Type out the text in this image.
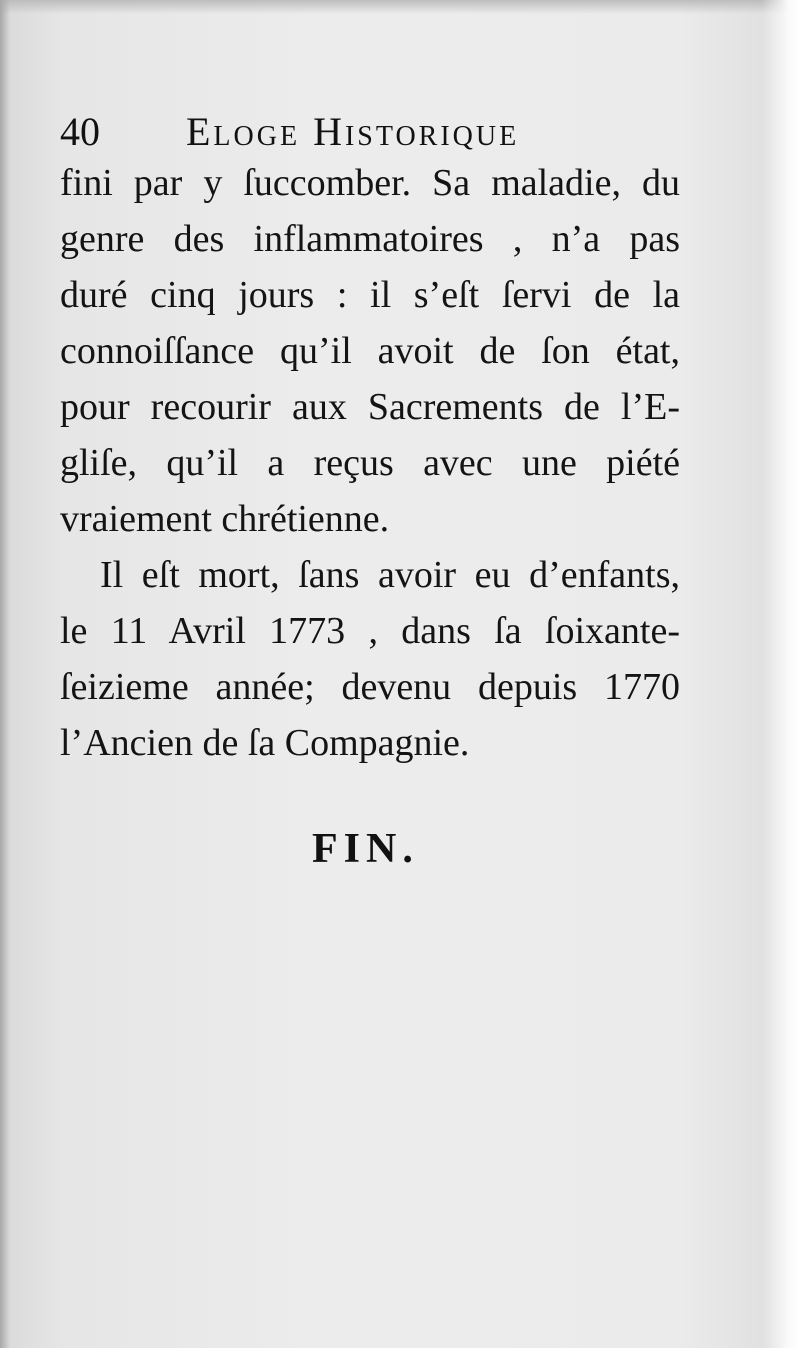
40 Eloge Historique
fini par y ſuccomber. Sa maladie, du
genre des inflammatoires , n’a pas
duré cinq jours : il s’eſt ſervi de la
connoiſſance qu’il avoit de ſon état,
pour recourir aux Sacrements de l’E-
gliſe, qu’il a reçus avec une piété
vraiement chrétienne.
Il eſt mort, ſans avoir eu d’enfants,
le 11 Avril 1773 , dans ſa ſoixante-
ſeizieme année; devenu depuis 1770
l’Ancien de ſa Compagnie.
FIN.
